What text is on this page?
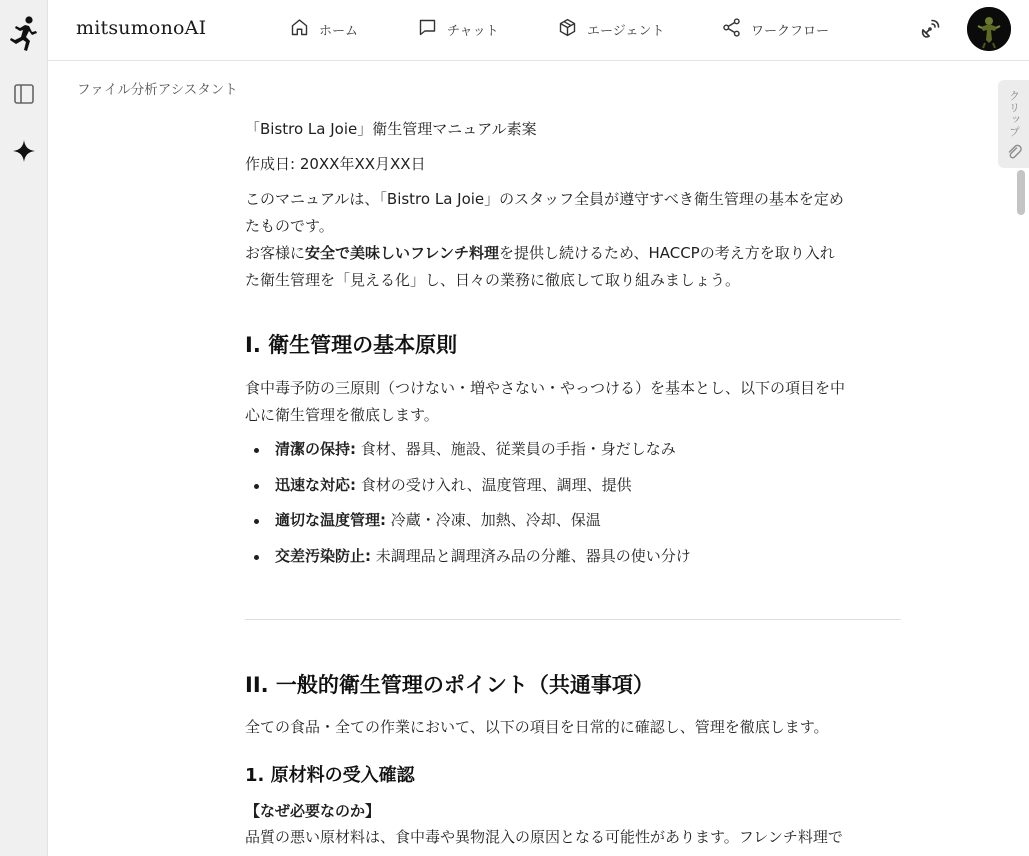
mitsumonoAI	ホーム	チャット	エージェント	ワークフロー
ファイル分析アシスタント	クリップ

「Bistro La Joie」衛生管理マニュアル素案

作成日: 20XX年XX月XX日

このマニュアルは、「Bistro La Joie」のスタッフ全員が遵守すべき衛生管理の基本を定め
たものです。

お客様に安全で美味しいフレンチ料理を提供し続けるため、HACCPの考え方を取り入れ
た衛生管理を「見える化」し、日々の業務に徹底して取り組みましょう。

I. 衛生管理の基本原則

食中毒予防の三原則（つけない・増やさない・やっつける）を基本とし、以下の項目を中
心に衛生管理を徹底します。

清潔の保持: 食材、器具、施設、従業員の手指・身だしなみ
迅速な対応: 食材の受け入れ、温度管理、調理、提供
適切な温度管理: 冷蔵・冷凍、加熱、冷却、保温
交差汚染防止: 未調理品と調理済み品の分離、器具の使い分け
II. 一般的衛生管理のポイント（共通事項）

全ての食品・全ての作業において、以下の項目を日常的に確認し、管理を徹底します。

1. 原材料の受入確認

【なぜ必要なのか】

品質の悪い原材料は、食中毒や異物混入の原因となる可能性があります。フレンチ料理で
